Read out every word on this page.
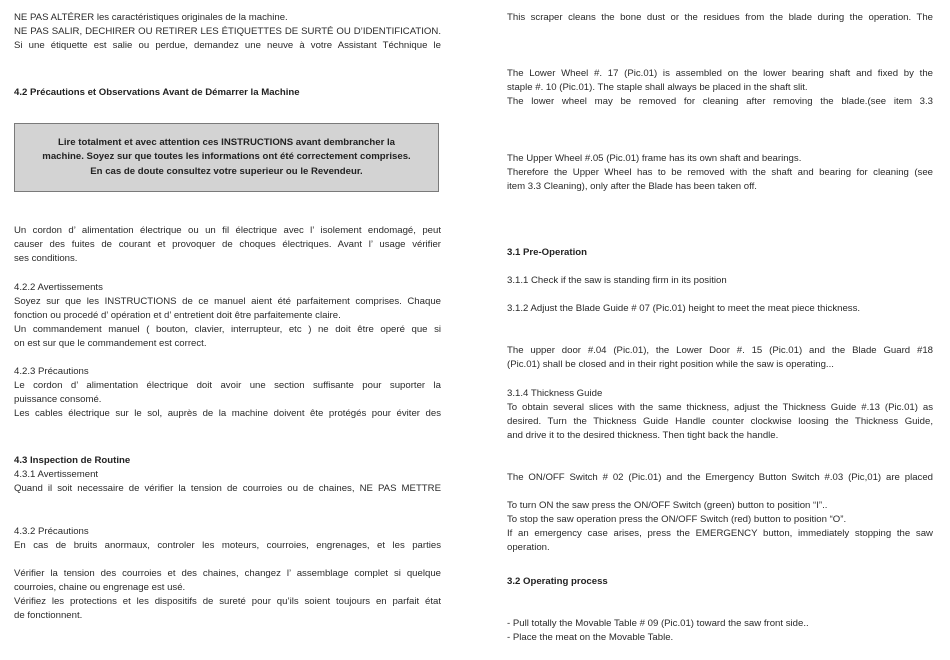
NE PAS ALTÉRER les caractéristiques originales de la machine.

NE PAS SALIR, DECHIRER OU RETIRER LES ÉTIQUETTES DE SURTÉ OU D’IDENTIFICATION.

Si une étiquette est salie ou perdue, demandez une neuve à votre Assistant Téchnique le

4.2 Précautions et Observations Avant de Démarrer la Machine
Lire totalment et avec attention ces INSTRUCTIONS avant dembrancher la
machine. Soyez sur que toutes les informations ont été correctement comprises.
En cas de doute consultez votre superieur ou le Revendeur.

Un cordon d’ alimentation électrique ou un fil électrique avec l’ isolement endomagé, peut

causer des fuites de courant et provoquer de choques électriques. Avant l’ usage vérifier

ses conditions.

4.2.2 Avertissements

Soyez sur que les INSTRUCTIONS de ce manuel aient été parfaitement comprises. Chaque

fonction ou procedé d’ opération et d’ entretient doit être parfaitemente claire.

Un commandement manuel ( bouton, clavier, interrupteur, etc ) ne doit être operé que si

on est sur que le commandement est correct.

4.2.3 Précautions

Le cordon d’ alimentation électrique doit avoir une section suffisante pour suporter la

puissance consomé.

Les cables électrique sur le sol, auprès de la machine doivent ête protégés pour éviter des

4.3 Inspection de Routine

4.3.1 Avertissement

Quand il soit necessaire de vérifier la tension de courroies ou de chaines, NE PAS METTRE

4.3.2 Précautions

En cas de bruits anormaux, controler les moteurs, courroies, engrenages, et les parties

Vérifier la tension des courroies et des chaines, changez l’ assemblage complet si quelque

courroies, chaine ou engrenage est usé.

Vérifiez les protections et les dispositifs de sureté pour qu’ils soient toujours en parfait état

de fonctionnent.

This scraper cleans the bone dust or the residues from the blade during the operation. The

The Lower Wheel #. 17 (Pic.01) is assembled on the lower bearing shaft and fixed by the

staple #. 10 (Pic.01). The staple shall always be placed in the shaft slit.

The lower wheel may be removed for cleaning after removing the blade.(see item 3.3

The Upper Wheel #.05 (Pic.01) frame has its own shaft and bearings.

Therefore the Upper Wheel has to be removed with the shaft and bearing for cleaning (see

item 3.3 Cleaning), only after the Blade has been taken off.

3.1 Pre-Operation
3.1.1 Check if the saw is standing firm in its position
3.1.2 Adjust the Blade Guide # 07 (Pic.01) height to meet the meat piece thickness.

The upper door #.04 (Pic.01), the Lower Door #. 15 (Pic.01) and the Blade Guard #18

(Pic.01) shall be closed and in their right position while the saw is operating...

3.1.4 Thickness Guide

To obtain several slices with the same thickness, adjust the Thickness Guide #.13 (Pic.01) as

desired. Turn the Thickness Guide Handle counter clockwise loosing the Thickness Guide,

and drive it to the desired thickness. Then tight back the handle.

The ON/OFF Switch # 02 (Pic.01) and the Emergency Button Switch #.03 (Pic,01) are placed

To turn ON the saw press the ON/OFF Switch (green) button to position “I”..

To stop the saw operation press the ON/OFF Switch (red) button to position “O”.

If an emergency case arises, press the EMERGENCY button, immediately stopping the saw

operation.

3.2 Operating process

- Pull totally the Movable Table # 09 (Pic.01) toward the saw front side..

- Place the meat on the Movable Table.
